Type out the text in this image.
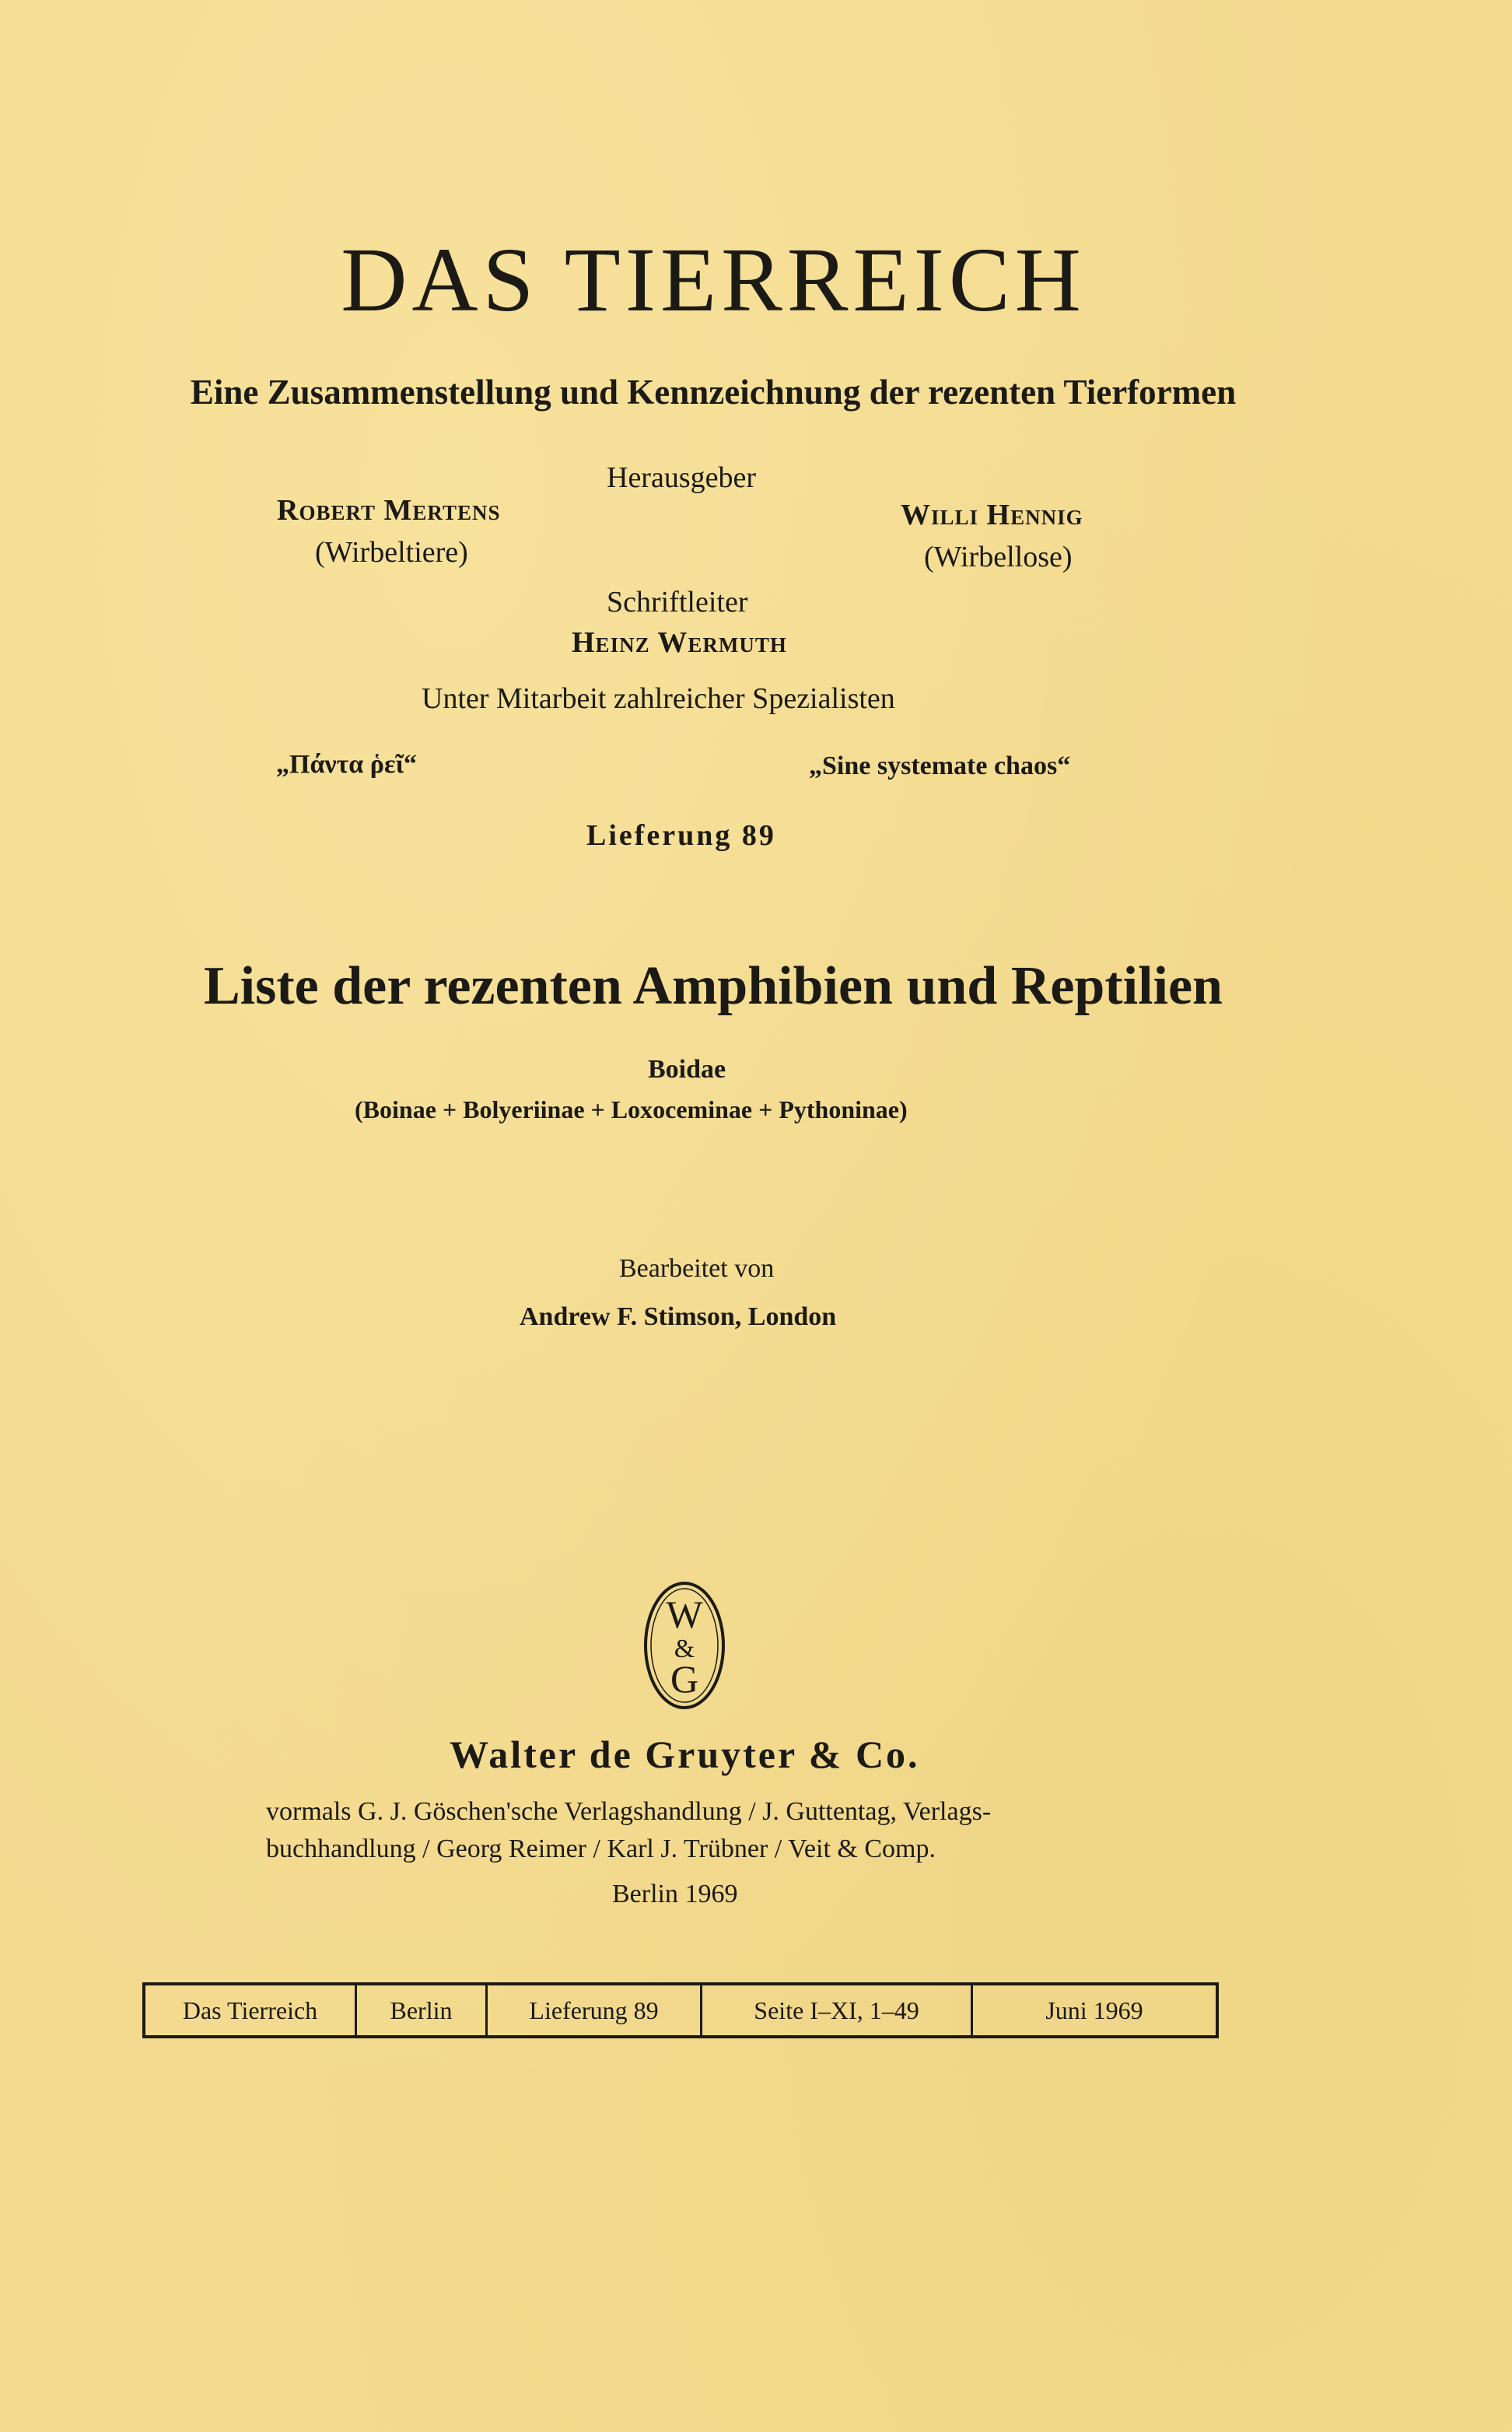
DAS TIERREICH
Eine Zusammenstellung und Kennzeichnung der rezenten Tierformen
Herausgeber
Robert Mertens
(Wirbeltiere)
Willi Hennig
(Wirbellose)
Schriftleiter
Heinz Wermuth
Unter Mitarbeit zahlreicher Spezialisten
„Πάντα ῥεῖ“	„Sine systemate chaos“
Lieferung 89
Liste der rezenten Amphibien und Reptilien
Boidae
(Boinae + Bolyeriinae + Loxoceminae + Pythoninae)
Bearbeitet von
Andrew F. Stimson, London
W
&
G
Walter de Gruyter & Co.
vormals G. J. Göschen'sche Verlagshandlung / J. Guttentag, Verlags-
buchhandlung / Georg Reimer / Karl J. Trübner / Veit & Comp.
Berlin 1969
Das Tierreich	Berlin	Lieferung 89	Seite I–XI, 1–49	Juni 1969
